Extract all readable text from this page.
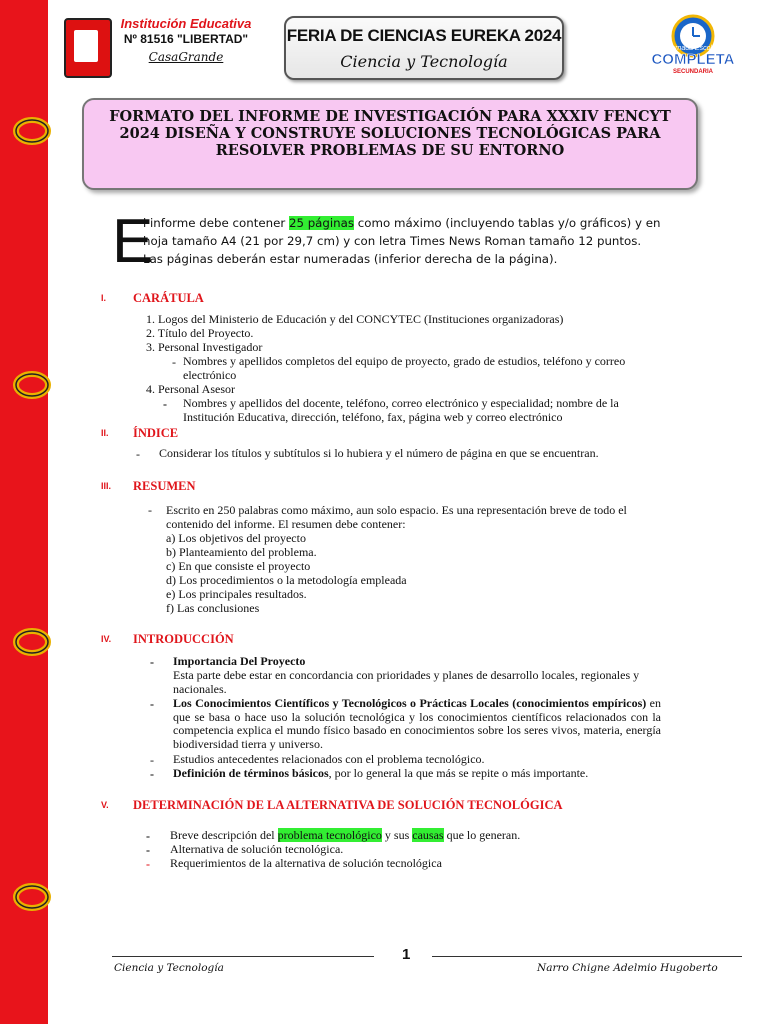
Institución Educativa
Nº 81516 "LIBERTAD"
CasaGrande
FERIA DE CIENCIAS EUREKA 2024
Ciencia y Tecnología
Jornada Escolar
COMPLETA
SECUNDARIA
FORMATO DEL INFORME DE INVESTIGACIÓN PARA XXXIV FENCYT 2024 DISEÑA Y CONSTRUYE SOLUCIONES TECNOLÓGICAS PARA RESOLVER PROBLEMAS DE SU ENTORNO
E
l informe debe contener 25 páginas como máximo (incluyendo tablas y/o gráficos) y en hoja tamaño A4 (21 por 29,7 cm) y con letra Times News Roman tamaño 12 puntos. Las páginas deberán estar numeradas (inferior derecha de la página).
I. CARÁTULA
1. Logos del Ministerio de Educación y del CONCYTEC (Instituciones organizadoras)
2. Título del Proyecto.
3. Personal Investigador
- Nombres y apellidos completos del equipo de proyecto, grado de estudios, teléfono y correo electrónico
4. Personal Asesor
- Nombres y apellidos del docente, teléfono, correo electrónico y especialidad; nombre de la Institución Educativa, dirección, teléfono, fax, página web y correo electrónico
II. ÍNDICE
- Considerar los títulos y subtítulos si lo hubiera y el número de página en que se encuentran.
III. RESUMEN
- Escrito en 250 palabras como máximo, aun solo espacio. Es una representación breve de todo el contenido del informe. El resumen debe contener:
a) Los objetivos del proyecto
b) Planteamiento del problema.
c) En que consiste el proyecto
d) Los procedimientos o la metodología empleada
e) Los principales resultados.
f) Las conclusiones
IV. INTRODUCCIÓN
- Importancia Del Proyecto
Esta parte debe estar en concordancia con prioridades y planes de desarrollo locales, regionales y nacionales.
- Los Conocimientos Científicos y Tecnológicos o Prácticas Locales (conocimientos empíricos) en que se basa o hace uso la solución tecnológica y los conocimientos científicos relacionados con la competencia explica el mundo físico basado en conocimientos sobre los seres vivos, materia, energía biodiversidad tierra y universo.
- Estudios antecedentes relacionados con el problema tecnológico.
- Definición de términos básicos, por lo general la que más se repite o más importante.
V. DETERMINACIÓN DE LA ALTERNATIVA DE SOLUCIÓN TECNOLÓGICA
- Breve descripción del problema tecnológico y sus causas que lo generan.
- Alternativa de solución tecnológica.
- Requerimientos de la alternativa de solución tecnológica
1
Ciencia y Tecnología	Narro Chigne Adelmio Hugoberto
